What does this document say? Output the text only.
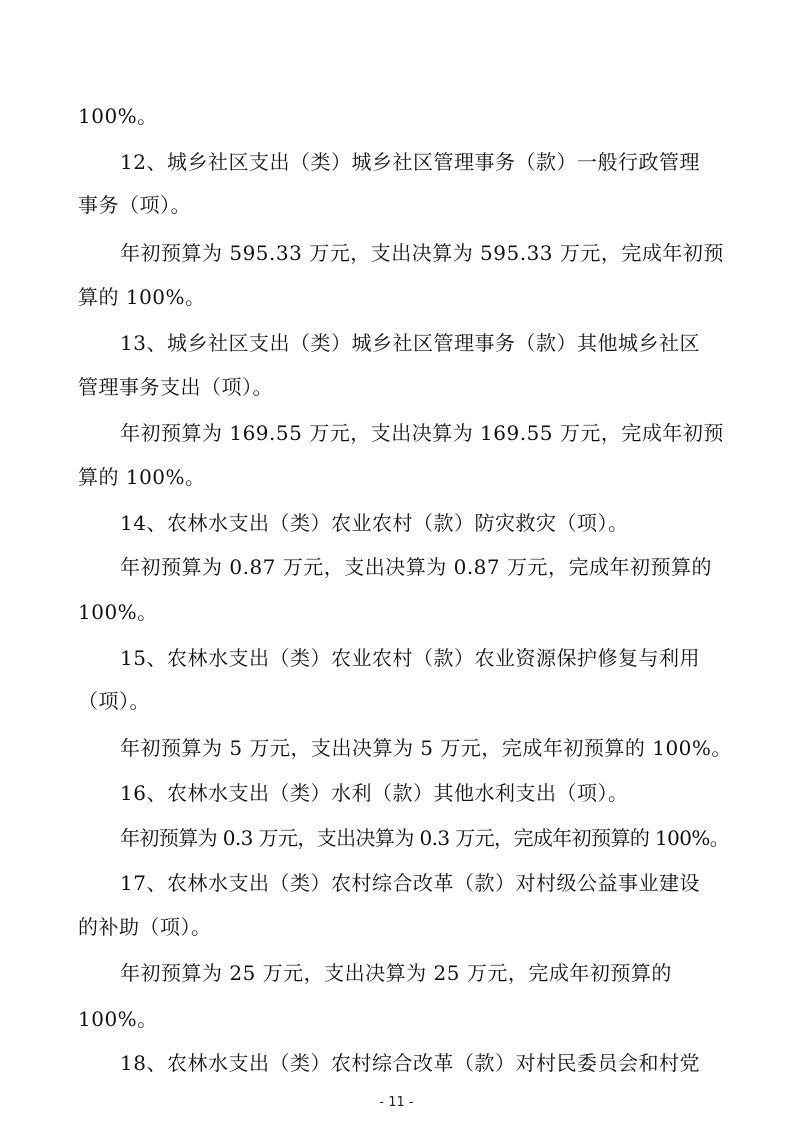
100%。
12、城乡社区支出（类）城乡社区管理事务（款）一般行政管理
事务（项）。
年初预算为 595.33 万元，支出决算为 595.33 万元，完成年初预
算的 100%。
13、城乡社区支出（类）城乡社区管理事务（款）其他城乡社区
管理事务支出（项）。
年初预算为 169.55 万元，支出决算为 169.55 万元，完成年初预
算的 100%。
14、农林水支出（类）农业农村（款）防灾救灾（项）。
年初预算为 0.87 万元，支出决算为 0.87 万元，完成年初预算的
100%。
15、农林水支出（类）农业农村（款）农业资源保护修复与利用
（项）。
年初预算为 5 万元，支出决算为 5 万元，完成年初预算的 100%。
16、农林水支出（类）水利（款）其他水利支出（项）。
年初预算为 0.3 万元，支出决算为 0.3 万元，完成年初预算的 100%。
17、农林水支出（类）农村综合改革（款）对村级公益事业建设
的补助（项）。
年初预算为 25 万元，支出决算为 25 万元，完成年初预算的
100%。
18、农林水支出（类）农村综合改革（款）对村民委员会和村党
- 11 -
